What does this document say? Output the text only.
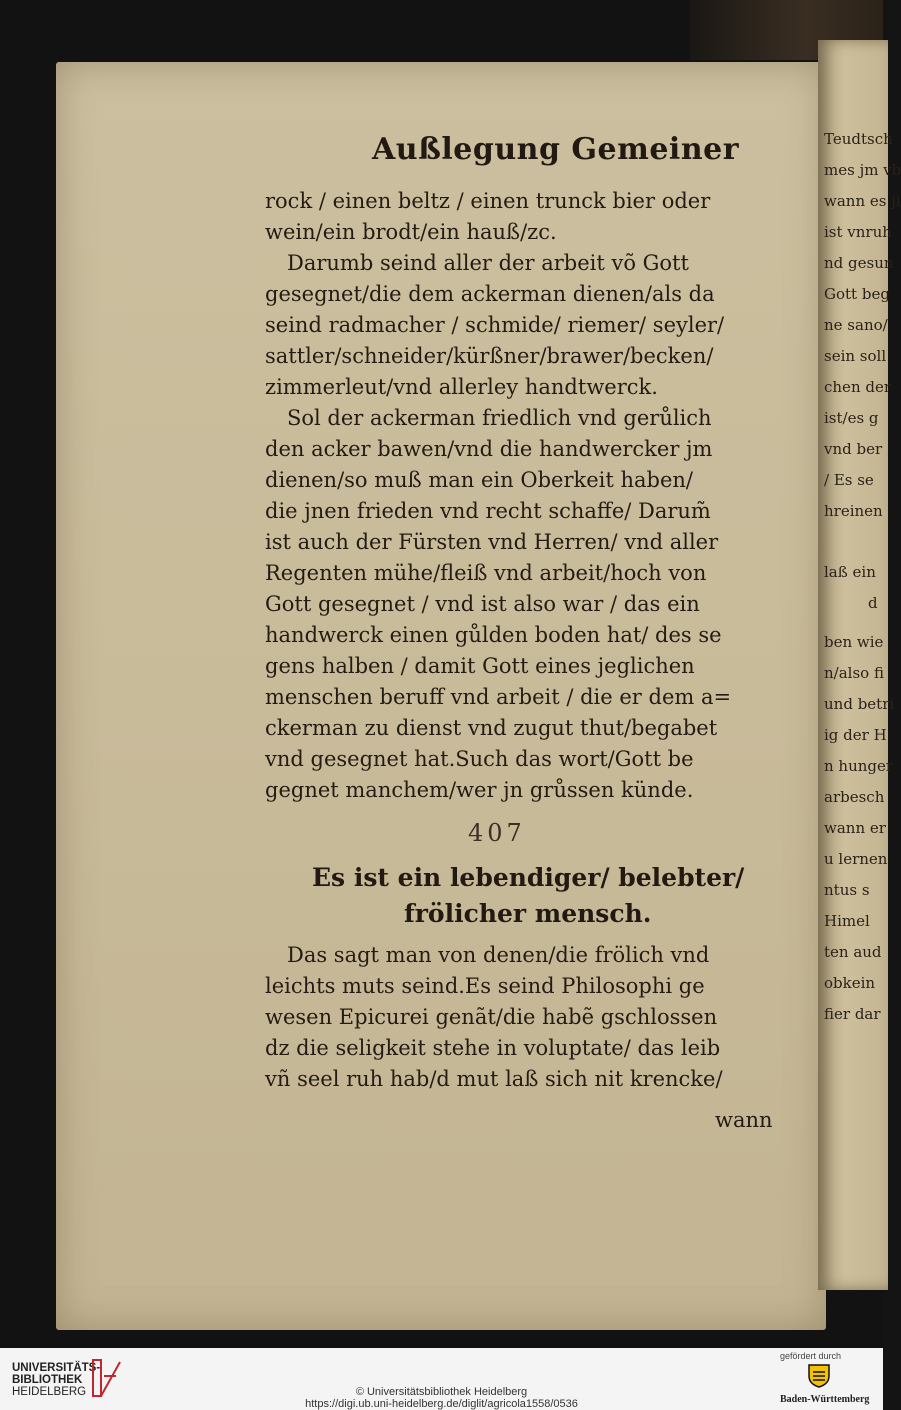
Teudtsch
mes jm vb
wann es ji
ist vnruh
nd gesun
Gott beg
ne sano/
sein soll
chen der
ist/es g
vnd ber
/ Es se
hreinen
laß ein
d
ben wie
n/also fi
und betri
ig der H
n hunger
arbesch
wann er
u lernen
ntus s
Himel
ten aud
obkein
fier dar
Außlegung Gemeiner
rock / einen beltz / einen trunck bier oder
wein/ein brodt/ein hauß/zc.
Darumb seind aller der arbeit võ Gott
gesegnet/die dem ackerman dienen/als da
seind radmacher / schmide/ riemer/ seyler/
sattler/schneider/kürßner/brawer/becken/
zimmerleut/vnd allerley handtwerck.
Sol der ackerman friedlich vnd gerůlich
den acker bawen/vnd die handwercker jm
dienen/so muß man ein Oberkeit haben/
die jnen frieden vnd recht schaffe/ Darum̃
ist auch der Fürsten vnd Herren/ vnd aller
Regenten mühe/fleiß vnd arbeit/hoch von
Gott gesegnet / vnd ist also war / das ein
handwerck einen gůlden boden hat/ des se
gens halben / damit Gott eines jeglichen
menschen beruff vnd arbeit / die er dem a=
ckerman zu dienst vnd zugut thut/begabet
vnd gesegnet hat.Such das wort/Gott be
gegnet manchem/wer jn grůssen künde.
407
Es ist ein lebendiger/ belebter/
frölicher mensch.
Das sagt man von denen/die frölich vnd
leichts muts seind.Es seind Philosophi ge
wesen Epicurei genãt/die habẽ gschlossen
dz die seligkeit stehe in voluptate/ das leib
vñ seel ruh hab/d mut laß sich nit krencke/
wann
UNIVERSITÄTS-
BIBLIOTHEK
HEIDELBERG	© Universitätsbibliothek Heidelberg
https://digi.ub.uni-heidelberg.de/diglit/agricola1558/0536
gefördert durch
Baden-Württemberg
